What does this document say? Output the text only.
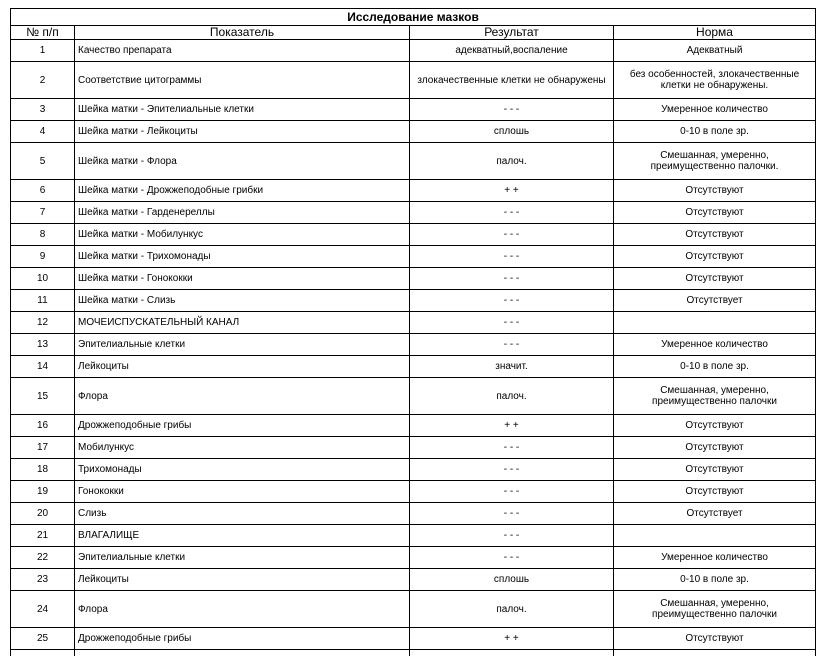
Исследование мазков			
№ п/п	Показатель	Результат	Норма
1	Качество препарата	адекватный,воспаление	Адекватный
2	Соответствие цитограммы	злокачественные клетки не обнаружены	без особенностей, злокачественные клетки не обнаружены.
3	Шейка матки - Эпителиальные клетки	- - -	Умеренное количество
4	Шейка матки - Лейкоциты	сплошь	0-10 в поле зр.
5	Шейка матки - Флора	палоч.	Смешанная, умеренно, преимущественно палочки.
6	Шейка матки - Дрожжеподобные грибки	+ +	Отсутствуют
7	Шейка матки - Гарденереллы	- - -	Отсутствуют
8	Шейка матки - Мобилункус	- - -	Отсутствуют
9	Шейка матки - Трихомонады	- - -	Отсутствуют
10	Шейка матки - Гонококки	- - -	Отсутствуют
11	Шейка матки - Слизь	- - -	Отсутствует
12	МОЧЕИСПУСКАТЕЛЬНЫЙ КАНАЛ	- - -	
13	Эпителиальные клетки	- - -	Умеренное количество
14	Лейкоциты	значит.	0-10 в поле зр.
15	Флора	палоч.	Смешанная, умеренно, преимущественно палочки
16	Дрожжеподобные грибы	+ +	Отсутствуют
17	Мобилункус	- - -	Отсутствуют
18	Трихомонады	- - -	Отсутствуют
19	Гонококки	- - -	Отсутствуют
20	Слизь	- - -	Отсутствует
21	ВЛАГАЛИЩЕ	- - -	
22	Эпителиальные клетки	- - -	Умеренное количество
23	Лейкоциты	сплошь	0-10 в поле зр.
24	Флора	палоч.	Смешанная, умеренно, преимущественно палочки
25	Дрожжеподобные грибы	+ +	Отсутствуют
